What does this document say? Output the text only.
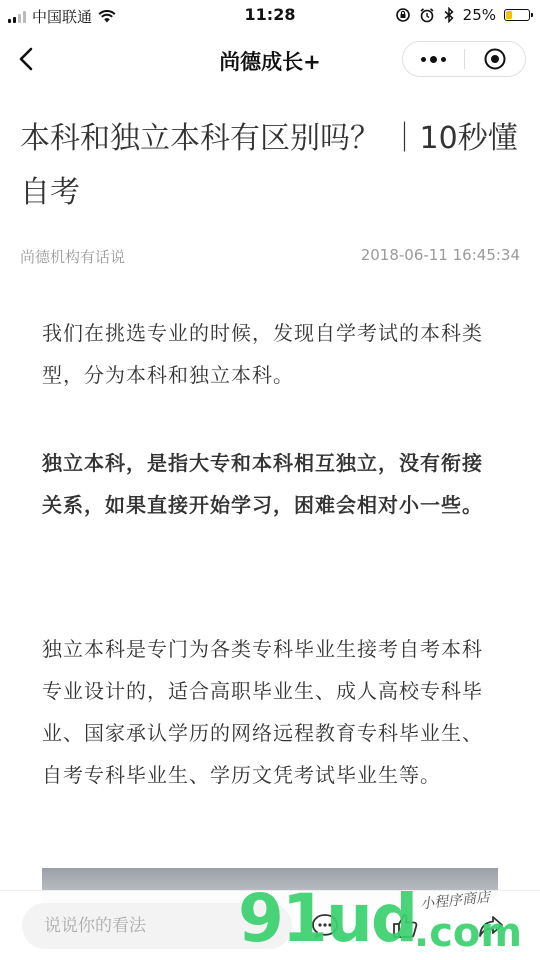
中国联通	11:28	25%
尚德成长+
本科和独立本科有区别吗？ ｜10秒懂自考
尚德机构有话说	2018-06-11 16:45:34

我们在挑选专业的时候，发现自学考试的本科类型，分为本科和独立本科。

独立本科，是指大专和本科相互独立，没有衔接关系，如果直接开始学习，困难会相对小一些。

独立本科是专门为各类专科毕业生接考自考本科专业设计的，适合高职毕业生、成人高校专科毕业、国家承认学历的网络远程教育专科毕业生、自考专科毕业生、学历文凭考试毕业生等。

说说你的看法
91ud
.com
小程序商店
